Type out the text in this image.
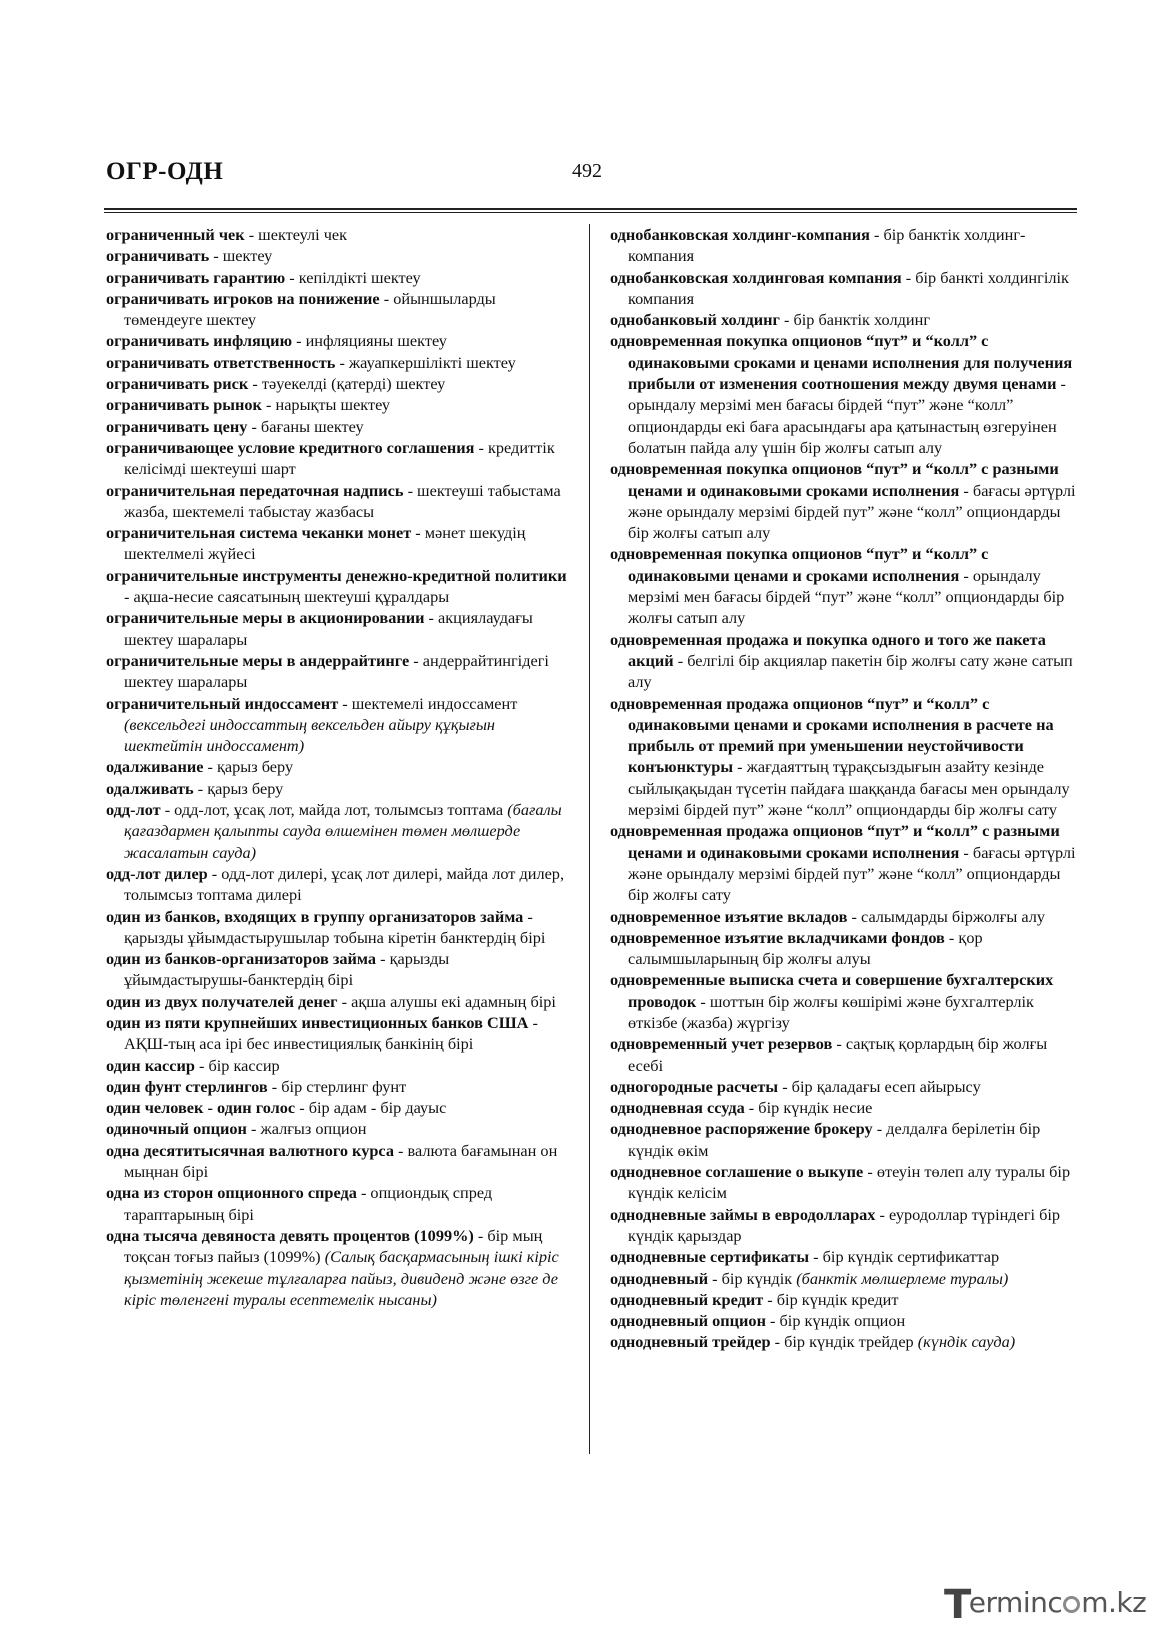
ОГР-ОДН	492
ограниченный чек - шектеулі чек
ограничивать - шектеу
ограничивать гарантию - кепілдікті шектеу
ограничивать игроков на понижение - ойыншыларды төмендеуге шектеу
ограничивать инфляцию - инфляцияны шектеу
ограничивать ответственность - жауапкершілікті шектеу
ограничивать риск - тәуекелді (қатерді) шектеу
ограничивать рынок - нарықты шектеу
ограничивать цену - бағаны шектеу
ограничивающее условие кредитного соглашения - кредиттік келісімді шектеуші шарт
ограничительная передаточная надпись - шектеуші табыстама жазба, шектемелі табыстау жазбасы
ограничительная система чеканки монет - мәнет шекудің шектелмелі жүйесі
ограничительные инструменты денежно-кредитной политики - ақша-несие саясатының шектеуші құралдары
ограничительные меры в акционировании - акциялаудағы шектеу шаралары
ограничительные меры в андеррайтинге - андеррайтингідегі шектеу шаралары
ограничительный индоссамент - шектемелі индоссамент (вексельдегі индоссаттың вексельден айыру құқығын шектейтін индоссамент)
одалживание - қарыз беру
одалживать - қарыз беру
одд-лот - одд-лот, ұсақ лот, майда лот, толымсыз топтама (бағалы қағаздармен қалыпты сауда өлшемінен төмен мөлшерде жасалатын сауда)
одд-лот дилер - одд-лот дилері, ұсақ лот дилері, майда лот дилер, толымсыз топтама дилері
один из банков, входящих в группу организаторов займа - қарызды ұйымдастырушылар тобына кіретін банктердің бірі
один из банков-организаторов займа - қарызды ұйымдастырушы-банктердің бірі
один из двух получателей денег - ақша алушы екі адамның бірі
один из пяти крупнейших инвестиционных банков США - АҚШ-тың аса ірі бес инвестициялық банкінің бірі
один кассир - бір кассир
один фунт стерлингов - бір стерлинг фунт
один человек - один голос - бір адам - бір дауыс
одиночный опцион - жалғыз опцион
одна десятитысячная валютного курса - валюта бағамынан он мыңнан бірі
одна из сторон опционного спреда - опциондық спред тараптарының бірі
одна тысяча девяноста девять процентов (1099%) - бір мың тоқсан тоғыз пайыз (1099%) (Салық басқармасының ішкі кіріс қызметінің жекеше тұлғаларға пайыз, дивиденд және өзге де кіріс төленгені туралы есептемелік нысаны)
однобанковская холдинг-компания - бір банктік холдинг-компания
однобанковская холдинговая компания - бір банкті холдингілік компания
однобанковый холдинг - бір банктік холдинг
одновременная покупка опционов “пут” и “колл” с одинаковыми сроками и ценами исполнения для получения прибыли от изменения соотношения между двумя ценами - орындалу мерзімі мен бағасы бірдей “пут” және “колл” опциондарды екі баға арасындағы ара қатынастың өзгеруінен болатын пайда алу үшін бір жолғы сатып алу
одновременная покупка опционов “пут” и “колл” с разными ценами и одинаковыми сроками исполнения - бағасы әртүрлі және орындалу мерзімі бірдей пут” және “колл” опциондарды бір жолғы сатып алу
одновременная покупка опционов “пут” и “колл” с одинаковыми ценами и сроками исполнения - орындалу мерзімі мен бағасы бірдей “пут” және “колл” опциондарды бір жолғы сатып алу
одновременная продажа и покупка одного и того же пакета акций - белгілі бір акциялар пакетін бір жолғы сату және сатып алу
одновременная продажа опционов “пут” и “колл” с одинаковыми ценами и сроками исполнения в расчете на прибыль от премий при уменьшении неустойчивости конъюнктуры - жағдаяттың тұрақсыздығын азайту кезінде сыйлықақыдан түсетін пайдаға шаққанда бағасы мен орындалу мерзімі бірдей пут” және “колл” опциондарды бір жолғы сату
одновременная продажа опционов “пут” и “колл” с разными ценами и одинаковыми сроками исполнения - бағасы әртүрлі және орындалу мерзімі бірдей пут” және “колл” опциондарды бір жолғы сату
одновременное изъятие вкладов - салымдарды біржолғы алу
одновременное изъятие вкладчиками фондов - қор салымшыларының бір жолғы алуы
одновременные выписка счета и совершение бухгалтерских проводок - шоттын бір жолғы көшірімі және бухгалтерлік өткізбе (жазба) жүргізу
одновременный учет резервов - сақтық қорлардың бір жолғы есебі
одногородные расчеты - бір қаладағы есеп айырысу
однодневная ссуда - бір күндік несие
однодневное распоряжение брокеру - делдалға берілетін бір күндік өкім
однодневное соглашение о выкупе - өтеуін төлеп алу туралы бір күндік келісім
однодневные займы в евродолларах - еуродоллар түріндегі бір күндік қарыздар
однодневные сертификаты - бір күндік сертификаттар
однодневный - бір күндік (банктік мөлшерлеме туралы)
однодневный кредит - бір күндік кредит
однодневный опцион - бір күндік опцион
однодневный трейдер - бір күндік трейдер (күндік сауда)
Terminc m.kz
